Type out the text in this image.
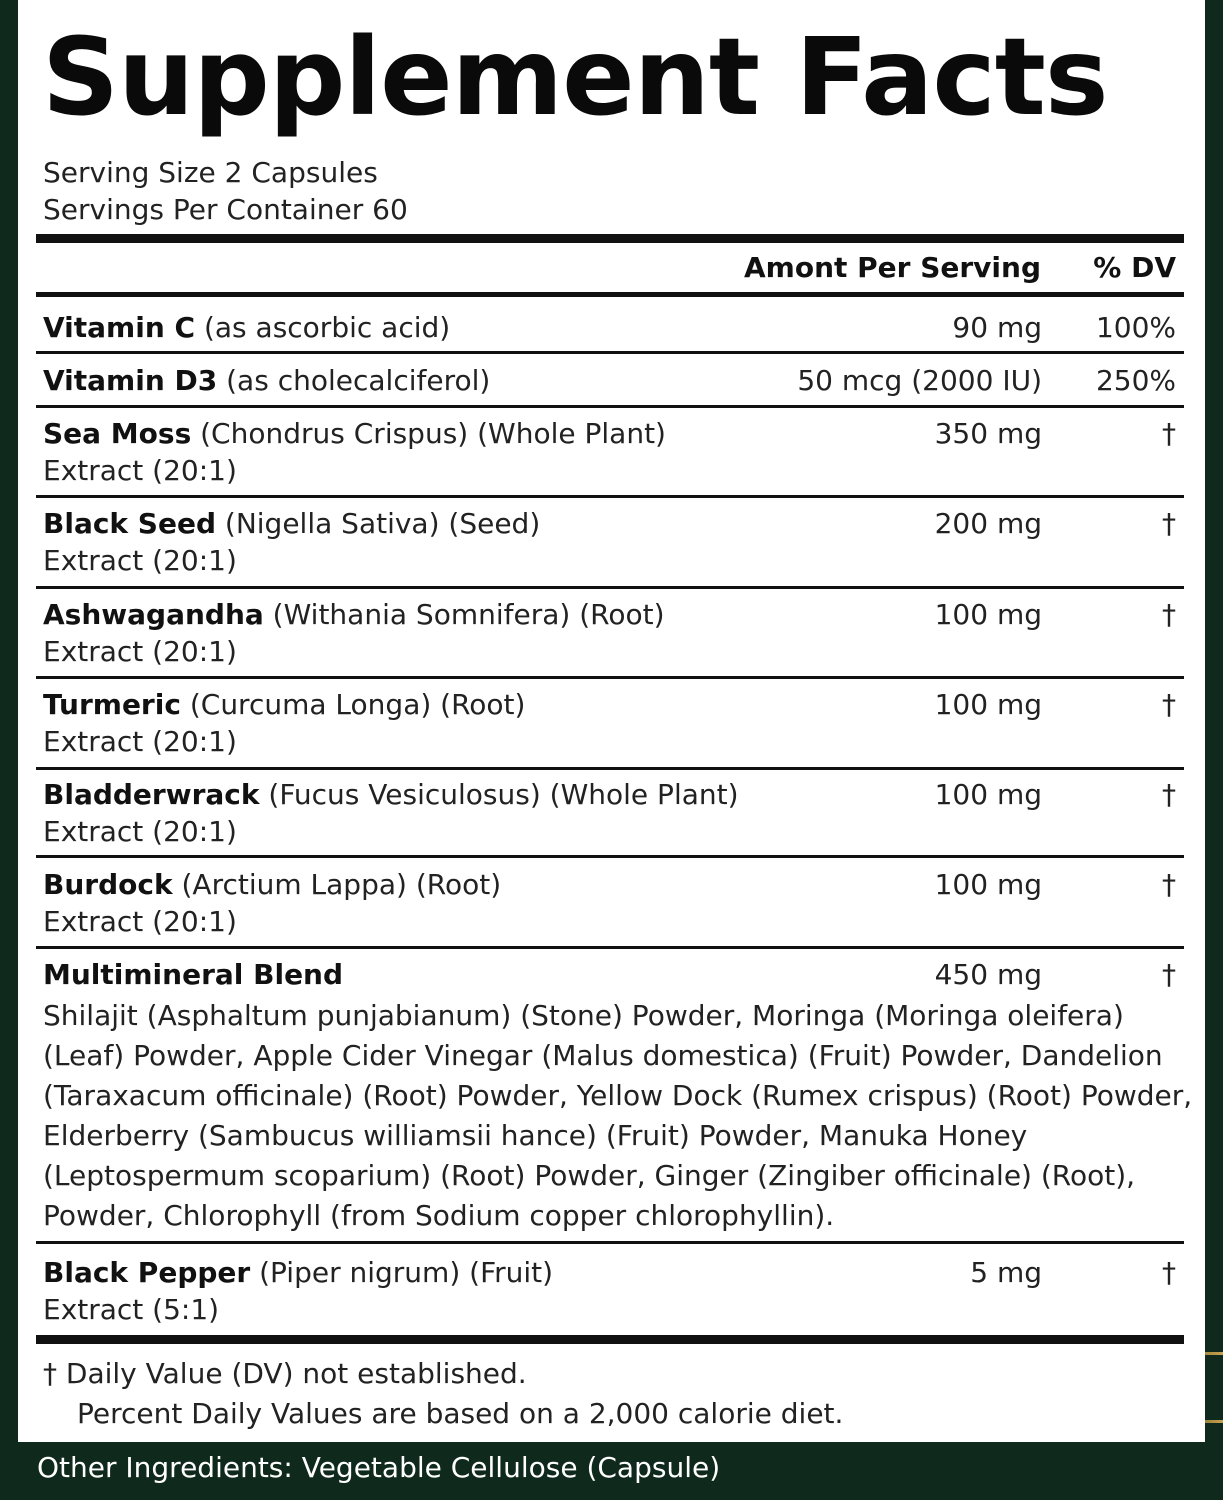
Supplement Facts
Serving Size 2 Capsules
Servings Per Container 60
Amont Per Serving % DV
Vitamin C (as ascorbic acid)	90 mg 100%
Vitamin D3 (as cholecalciferol)	50 mcg (2000 IU) 250%
Sea Moss (Chondrus Crispus) (Whole Plant)
Extract (20:1)
350 mg	†
Black Seed (Nigella Sativa) (Seed)
Extract (20:1)
200 mg	†
Ashwagandha (Withania Somnifera) (Root)
Extract (20:1)
100 mg	†
Turmeric (Curcuma Longa) (Root)
Extract (20:1)
100 mg	†
Bladderwrack (Fucus Vesiculosus) (Whole Plant)
Extract (20:1)
100 mg	†
Burdock (Arctium Lappa) (Root)
Extract (20:1)
100 mg	†
Multimineral Blend	450 mg	†
Shilajit (Asphaltum punjabianum) (Stone) Powder, Moringa (Moringa oleifera) (Leaf) Powder, Apple Cider Vinegar (Malus domestica) (Fruit) Powder, Dandelion (Taraxacum officinale) (Root) Powder, Yellow Dock (Rumex crispus) (Root) Powder, Elderberry (Sambucus williamsii hance) (Fruit) Powder, Manuka Honey (Leptospermum scoparium) (Root) Powder, Ginger (Zingiber officinale) (Root), Powder, Chlorophyll (from Sodium copper chlorophyllin).
Black Pepper (Piper nigrum) (Fruit)
Extract (5:1)
5 mg	†
† Daily Value (DV) not established.
Percent Daily Values are based on a 2,000 calorie diet.
Other Ingredients: Vegetable Cellulose (Capsule)
